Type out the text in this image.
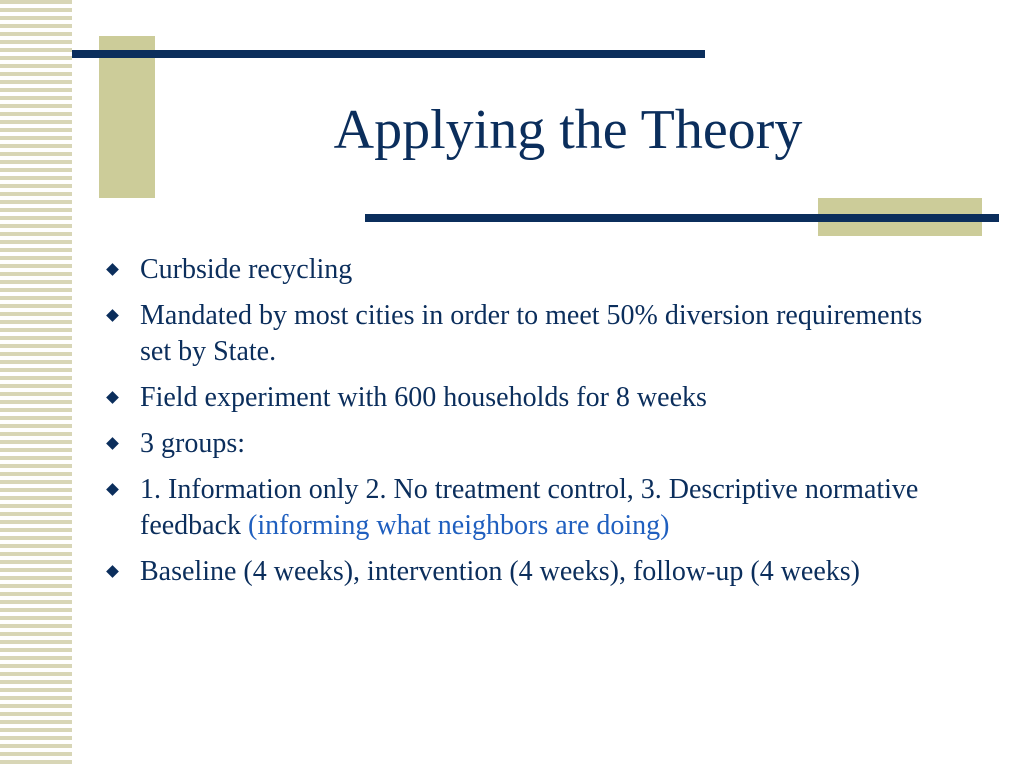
Applying the Theory
Curbside recycling
Mandated by most cities in order to meet 50% diversion requirements set by State.
Field experiment with 600 households for 8 weeks
3 groups:
1. Information only 2. No treatment control, 3. Descriptive normative feedback (informing what neighbors are doing)
Baseline (4 weeks), intervention (4 weeks), follow-up (4 weeks)
